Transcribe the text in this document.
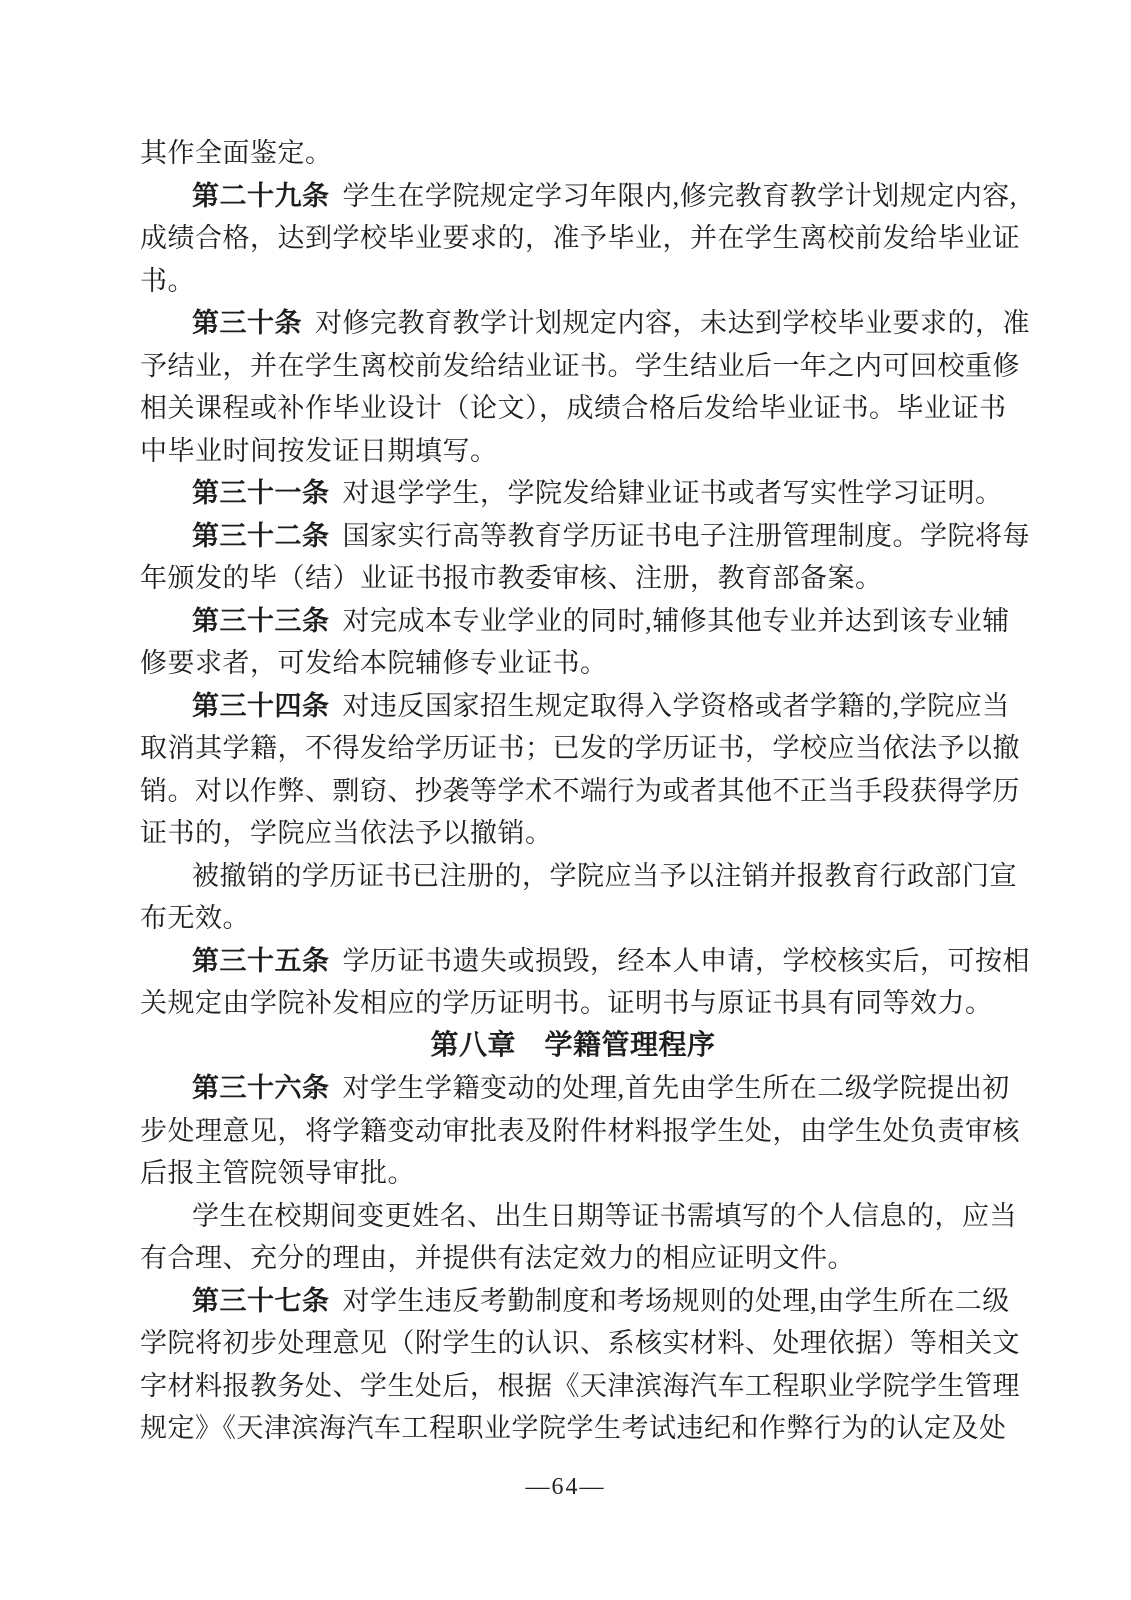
其作全面鉴定。
第二十九条 学生在学院规定学习年限内,修完教育教学计划规定内容,
成绩合格，达到学校毕业要求的，准予毕业，并在学生离校前发给毕业证
书。
第三十条 对修完教育教学计划规定内容，未达到学校毕业要求的，准
予结业，并在学生离校前发给结业证书。学生结业后一年之内可回校重修
相关课程或补作毕业设计（论文），成绩合格后发给毕业证书。毕业证书
中毕业时间按发证日期填写。
第三十一条 对退学学生，学院发给肄业证书或者写实性学习证明。
第三十二条 国家实行高等教育学历证书电子注册管理制度。学院将每
年颁发的毕（结）业证书报市教委审核、注册，教育部备案。
第三十三条 对完成本专业学业的同时,辅修其他专业并达到该专业辅
修要求者，可发给本院辅修专业证书。
第三十四条 对违反国家招生规定取得入学资格或者学籍的,学院应当
取消其学籍，不得发给学历证书；已发的学历证书，学校应当依法予以撤
销。对以作弊、剽窃、抄袭等学术不端行为或者其他不正当手段获得学历
证书的，学院应当依法予以撤销。
被撤销的学历证书已注册的，学院应当予以注销并报教育行政部门宣
布无效。
第三十五条 学历证书遗失或损毁，经本人申请，学校核实后，可按相
关规定由学院补发相应的学历证明书。证明书与原证书具有同等效力。
第八章　学籍管理程序
第三十六条 对学生学籍变动的处理,首先由学生所在二级学院提出初
步处理意见，将学籍变动审批表及附件材料报学生处，由学生处负责审核
后报主管院领导审批。
学生在校期间变更姓名、出生日期等证书需填写的个人信息的，应当
有合理、充分的理由，并提供有法定效力的相应证明文件。
第三十七条 对学生违反考勤制度和考场规则的处理,由学生所在二级
学院将初步处理意见（附学生的认识、系核实材料、处理依据）等相关文
字材料报教务处、学生处后，根据《天津滨海汽车工程职业学院学生管理
规定》《天津滨海汽车工程职业学院学生考试违纪和作弊行为的认定及处
—64—
